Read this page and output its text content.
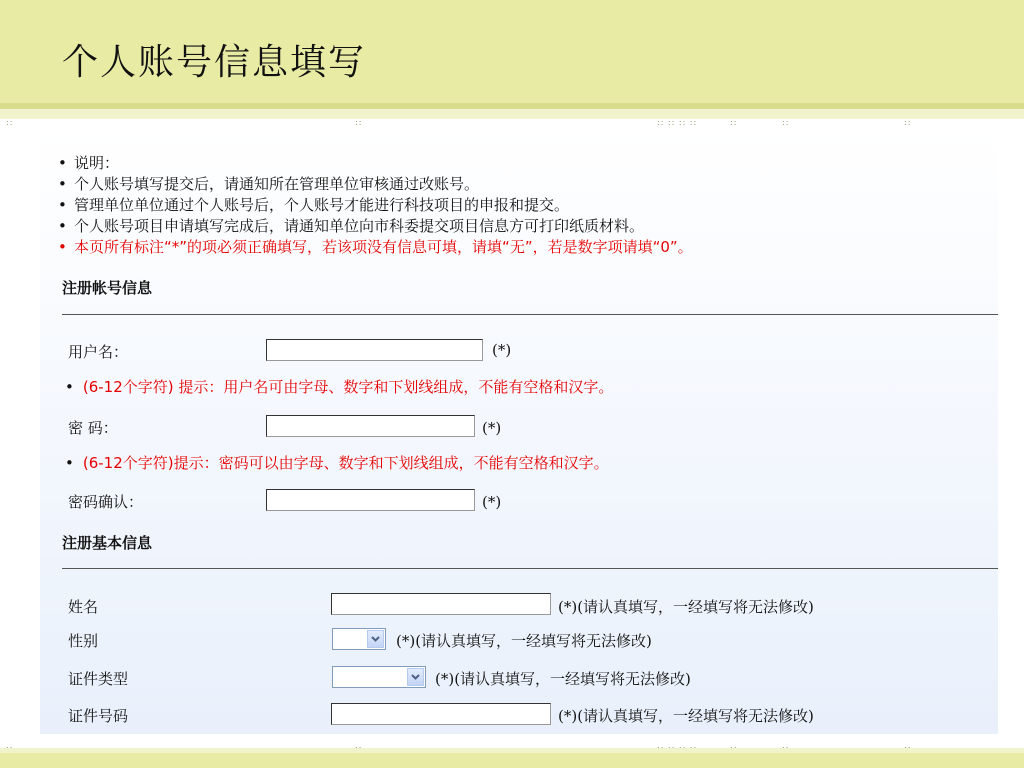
个人账号信息填写
::	::	:: :: :: ::	::	::	::
• 说明：
• 个人账号填写提交后，请通知所在管理单位审核通过改账号。
• 管理单位单位通过个人账号后，个人账号才能进行科技项目的申报和提交。
• 个人账号项目申请填写完成后，请通知单位向市科委提交项目信息方可打印纸质材料。
• 本页所有标注“*”的项必须正确填写，若该项没有信息可填，请填“无”，若是数字项请填“0”。
注册帐号信息
用户名：	(*)
• (6-12个字符) 提示：用户名可由字母、数字和下划线组成，不能有空格和汉字。
密 码：	(*)
• (6-12个字符)提示：密码可以由字母、数字和下划线组成，不能有空格和汉字。
密码确认：	(*)
注册基本信息
姓名	(*)(请认真填写，一经填写将无法修改)
性别	(*)(请认真填写，一经填写将无法修改)
证件类型	(*)(请认真填写，一经填写将无法修改)
证件号码	(*)(请认真填写，一经填写将无法修改)
